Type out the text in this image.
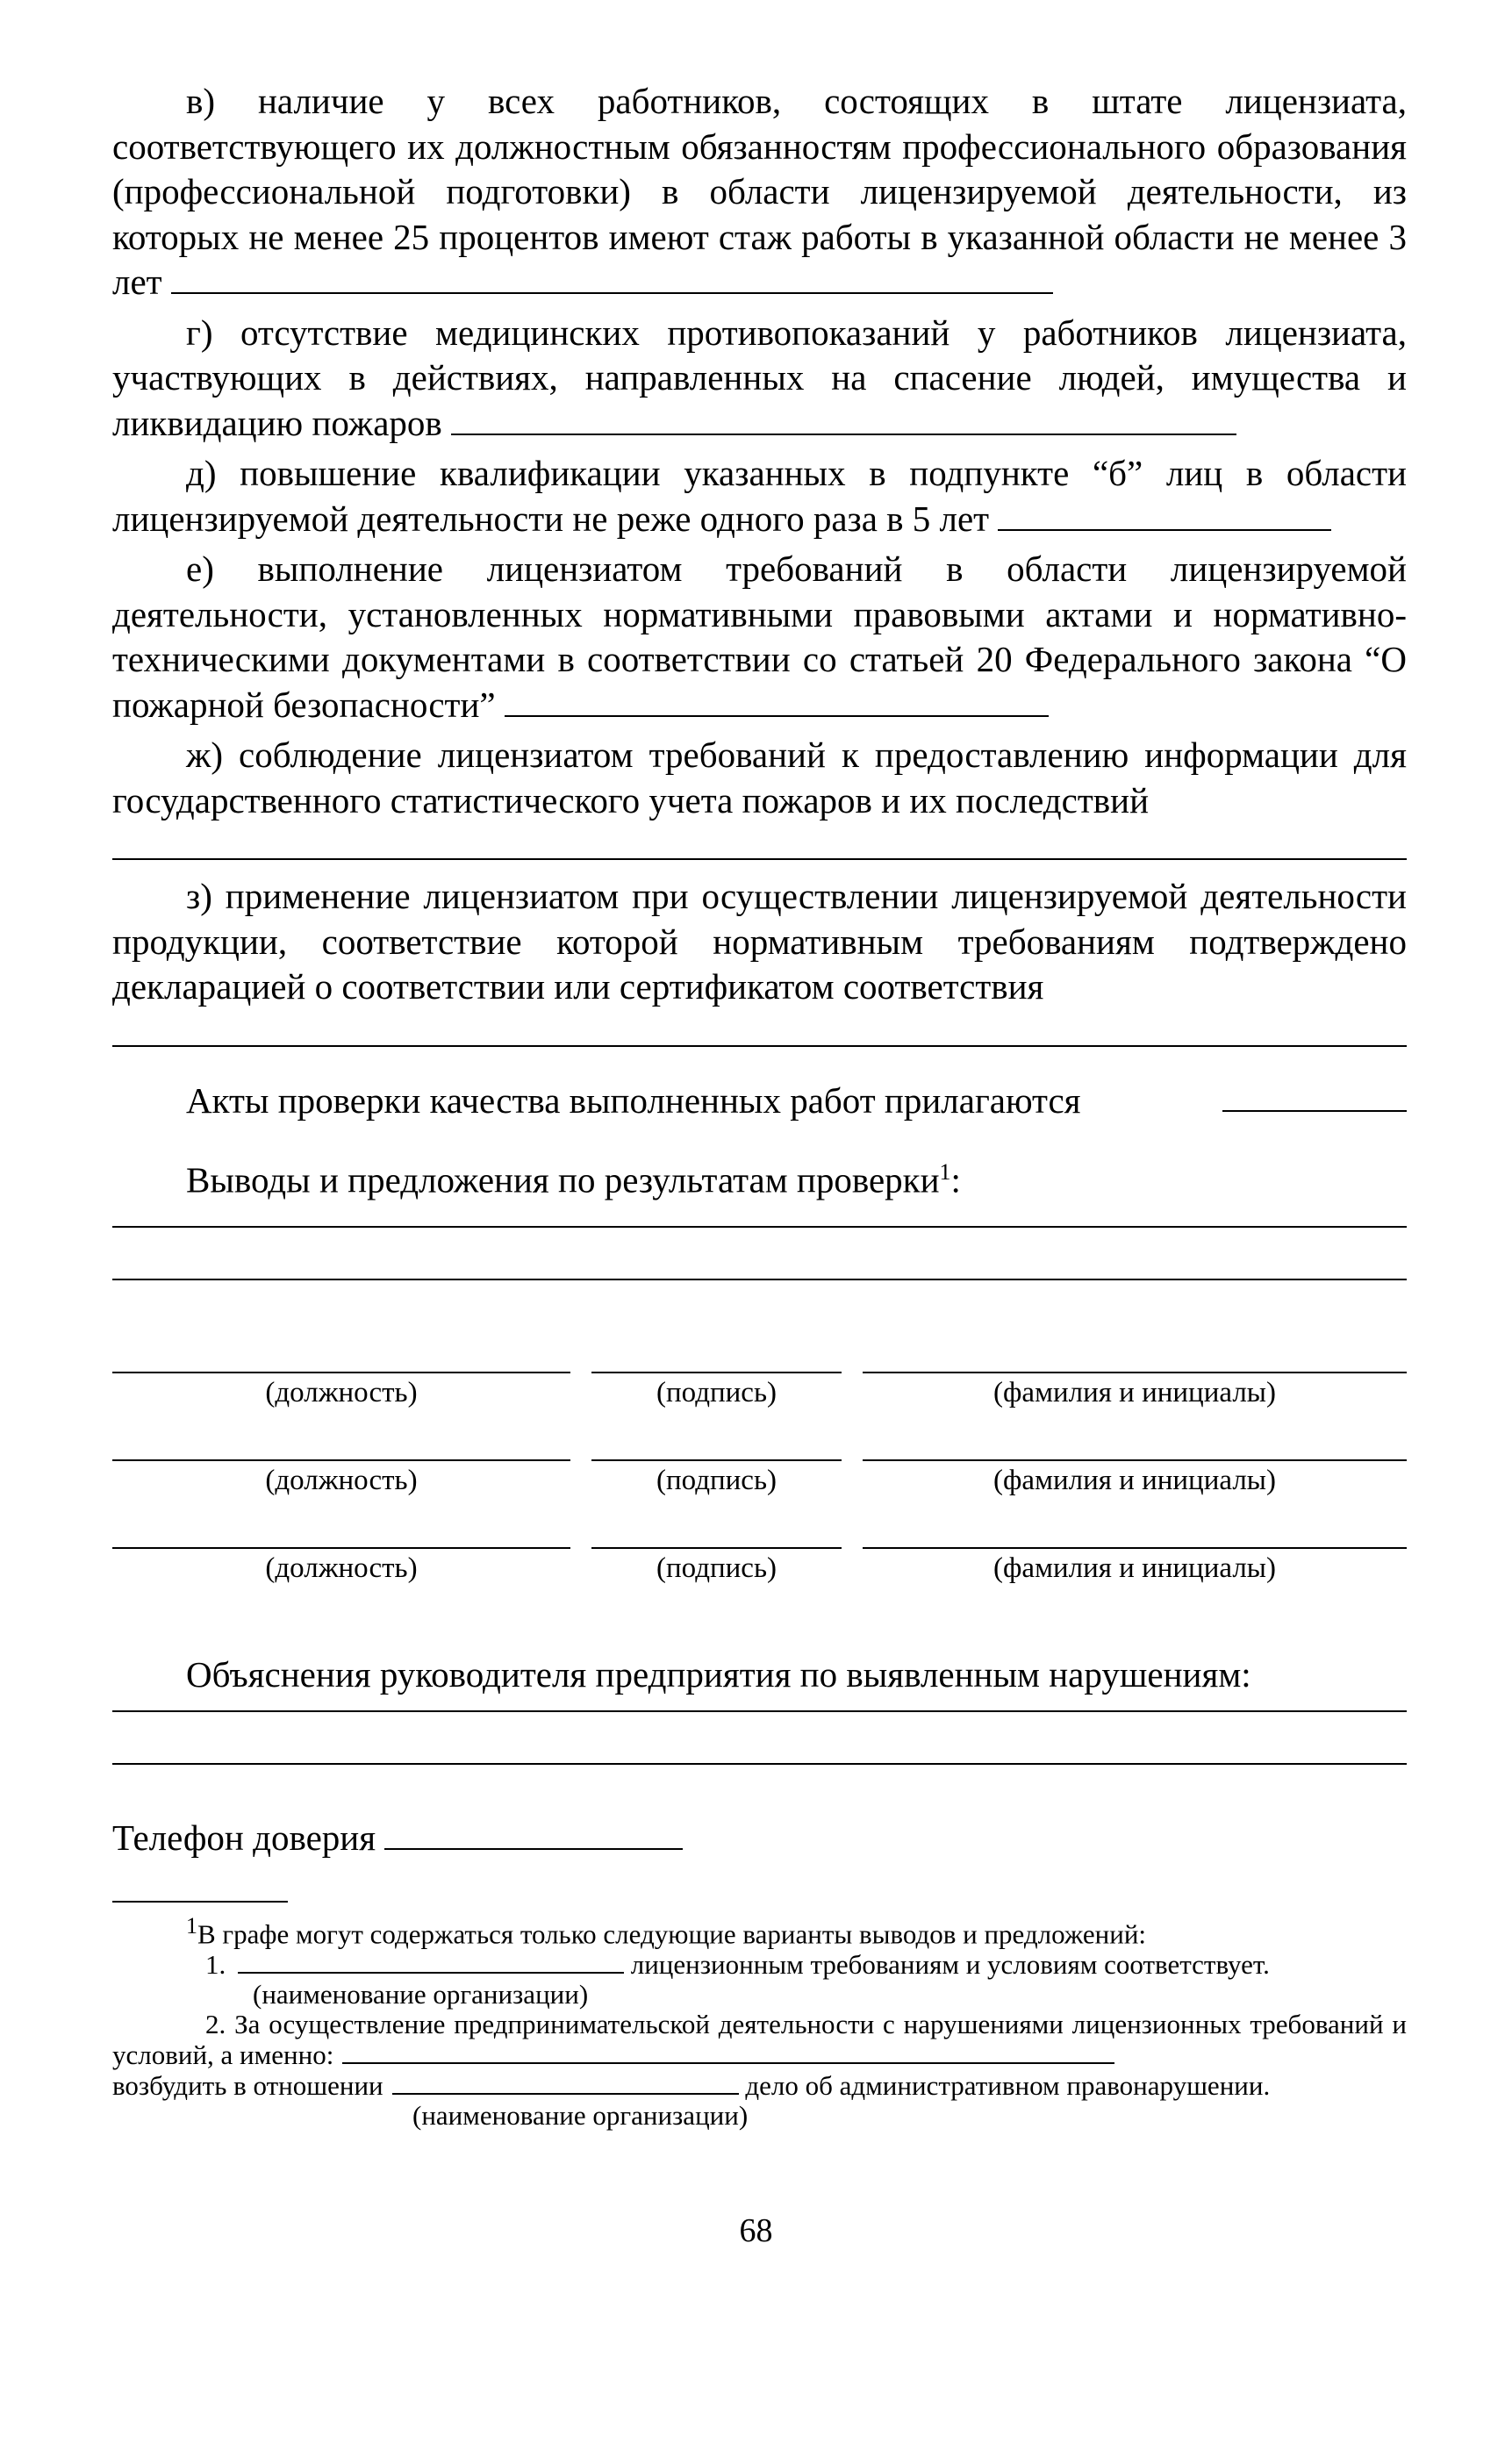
в) наличие у всех работников, состоящих в штате лицензиата, соответствующего их должностным обязанностям профессионального образования (профессиональной подготовки) в области лицензируемой деятельности, из которых не менее 25 процентов имеют стаж работы в указанной области не менее 3 лет

г) отсутствие медицинских противопоказаний у работников лицензиата, участвующих в действиях, направленных на спасение людей, имущества и ликвидацию пожаров

д) повышение квалификации указанных в подпункте “б” лиц в области лицензируемой деятельности не реже одного раза в 5 лет

е) выполнение лицензиатом требований в области лицензируемой деятельности, установленных нормативными правовыми актами и нормативно-техническими документами в соответствии со статьей 20 Федерального закона “О пожарной безопасности”

ж) соблюдение лицензиатом требований к предоставлению информации для государственного статистического учета пожаров и их последствий

з) применение лицензиатом при осуществлении лицензируемой деятельности продукции, соответствие которой нормативным требованиям подтверждено декларацией о соответствии или сертификатом соответствия

Акты проверки качества выполненных работ прилагаются
Выводы и предложения по результатам проверки$^1$:
(должность)	(подпись)	(фамилия и инициалы)
(должность)	(подпись)	(фамилия и инициалы)
(должность)	(подпись)	(фамилия и инициалы)
Объяснения руководителя предприятия по выявленным нарушениям:
Телефон доверия
$^1$В графе могут содержаться только следующие варианты выводов и предложений:
1.	лицензионным требованиям и условиям соответствует.
(наименование организации)
2. За осуществление предпринимательской деятельности с нарушениями лицензионных требований и условий, а именно:
возбудить в отношении	дело об административном правонарушении.
(наименование организации)
68
